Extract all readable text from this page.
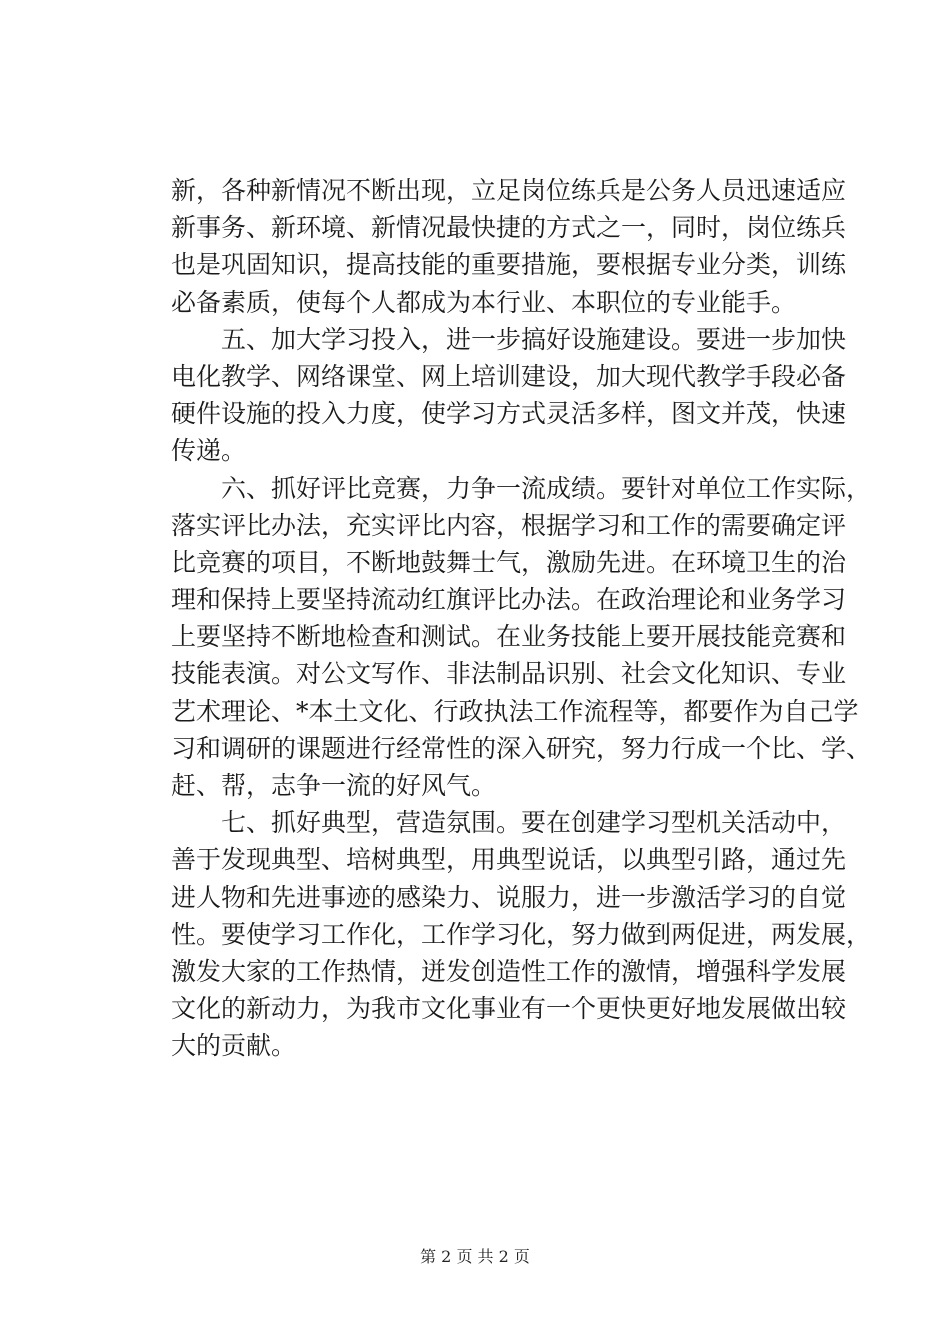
新，各种新情况不断出现，立足岗位练兵是公务人员迅速适应
新事务、新环境、新情况最快捷的方式之一，同时，岗位练兵
也是巩固知识，提高技能的重要措施，要根据专业分类，训练
必备素质，使每个人都成为本行业、本职位的专业能手。
五、加大学习投入，进一步搞好设施建设。要进一步加快
电化教学、网络课堂、网上培训建设，加大现代教学手段必备
硬件设施的投入力度，使学习方式灵活多样，图文并茂，快速
传递。
六、抓好评比竞赛，力争一流成绩。要针对单位工作实际，
落实评比办法，充实评比内容，根据学习和工作的需要确定评
比竞赛的项目，不断地鼓舞士气，激励先进。在环境卫生的治
理和保持上要坚持流动红旗评比办法。在政治理论和业务学习
上要坚持不断地检查和测试。在业务技能上要开展技能竞赛和
技能表演。对公文写作、非法制品识别、社会文化知识、专业
艺术理论、*本土文化、行政执法工作流程等，都要作为自己学
习和调研的课题进行经常性的深入研究，努力行成一个比、学、
赶、帮，志争一流的好风气。
七、抓好典型，营造氛围。要在创建学习型机关活动中，
善于发现典型、培树典型，用典型说话，以典型引路，通过先
进人物和先进事迹的感染力、说服力，进一步激活学习的自觉
性。要使学习工作化，工作学习化，努力做到两促进，两发展，
激发大家的工作热情，迸发创造性工作的激情，增强科学发展
文化的新动力，为我市文化事业有一个更快更好地发展做出较
大的贡献。
第 2 页 共 2 页
